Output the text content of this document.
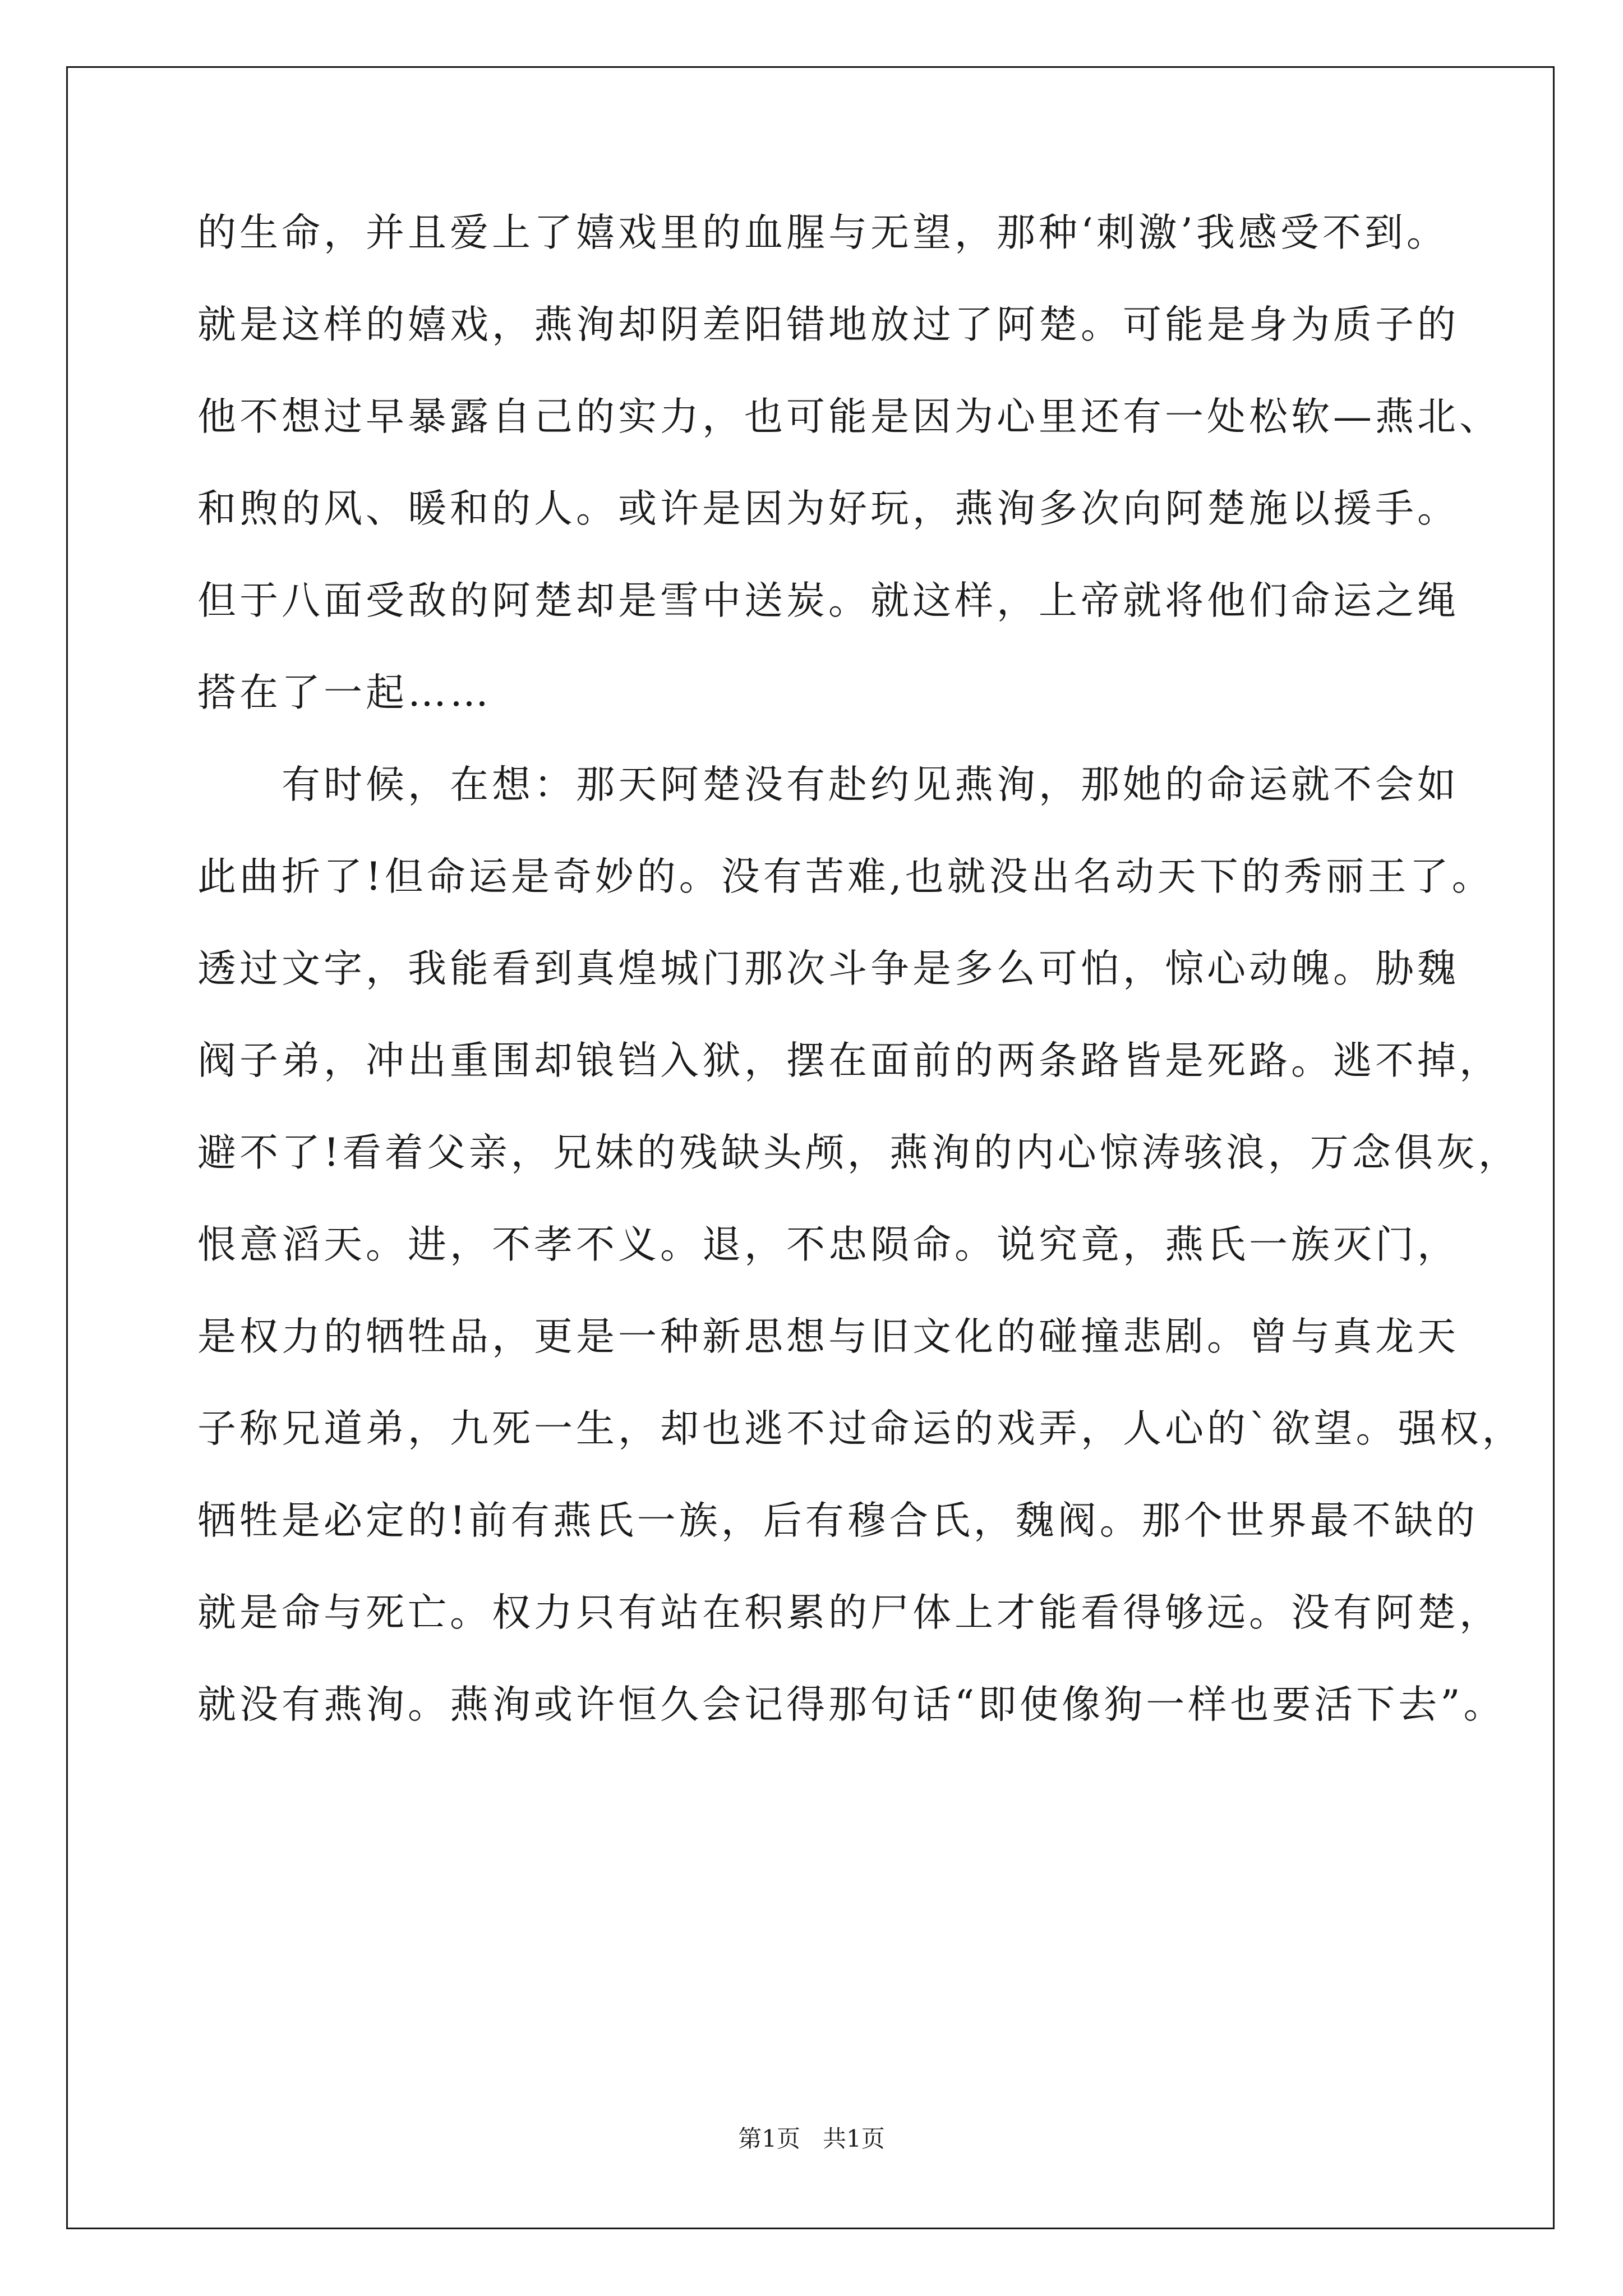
的生命，并且爱上了嬉戏里的血腥与无望，那种‘刺激’我感受不到。
就是这样的嬉戏，燕洵却阴差阳错地放过了阿楚。可能是身为质子的
他不想过早暴露自己的实力，也可能是因为心里还有一处松软—燕北、
和煦的风、暖和的人。或许是因为好玩，燕洵多次向阿楚施以援手。
但于八面受敌的阿楚却是雪中送炭。就这样，上帝就将他们命运之绳
搭在了一起……
有时候，在想：那天阿楚没有赴约见燕洵，那她的命运就不会如
此曲折了!但命运是奇妙的。没有苦难,也就没出名动天下的秀丽王了。
透过文字，我能看到真煌城门那次斗争是多么可怕，惊心动魄。胁魏
阀子弟，冲出重围却锒铛入狱，摆在面前的两条路皆是死路。逃不掉，
避不了!看着父亲，兄妹的残缺头颅，燕洵的内心惊涛骇浪，万念俱灰，
恨意滔天。进，不孝不义。退，不忠陨命。说究竟，燕氏一族灭门，
是权力的牺牲品，更是一种新思想与旧文化的碰撞悲剧。曾与真龙天
子称兄道弟，九死一生，却也逃不过命运的戏弄，人心的`欲望。强权，
牺牲是必定的!前有燕氏一族，后有穆合氏，魏阀。那个世界最不缺的
就是命与死亡。权力只有站在积累的尸体上才能看得够远。没有阿楚，
就没有燕洵。燕洵或许恒久会记得那句话“即使像狗一样也要活下去”。
第1页   共1页
